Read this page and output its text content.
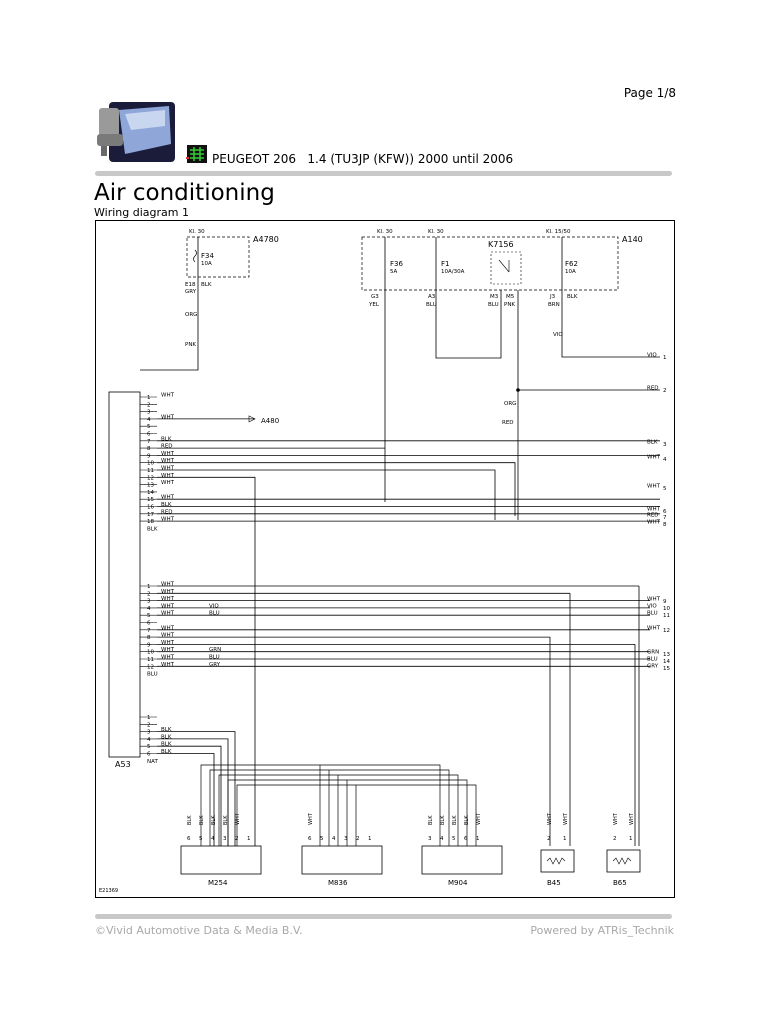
Page 1/8
PEUGEOT 206   1.4 (TU3JP (KFW)) 2000 until 2006
Air conditioning
Wiring diagram 1
A4780
Kl. 30
F34
10A
E18 BLK
GRY
ORG
PNK
A140
K7156
Kl. 30
F36
5A
G3
YEL
Kl. 30
F1
10A/30A
A3
BLU
Kl. 15/50
F62
10A
J3 BLK
BRN
M3
BLU
M5
PNK
A53
A480
VIO
RED
ORG
E21369
1 WHT
2
3
4 WHT
5
6
7 BLK
8 RED
9 WHT
10 WHT
11 WHT
12 WHT
13 WHT
14
15 WHT
16 BLK
17 RED
18 WHT
BLK
1 WHT
2 WHT
3 WHT
4 WHT
5 WHT
6
7 WHT
8 WHT
9 WHT
10 WHT
11 WHT
12 WHT
BLU
VIO
BLU
GRN
BLU
GRY
1
VIO
2
RED
3
BLK
4
WHT
5
WHT
6
WHT
7
RED
8
WHT
9
WHT
10
VIO
11
BLU
12
WHT
13
GRN
14
BLU
15
GRY
1
2
3 BLK
4 BLK
5 BLK
6 BLK
NAT
6 5 4 3 2 1
BLK BLK BLK BLK WHT
6 5 4 3 2 1
WHT
3 4 5 6 1
BLK BLK BLK BLK WHT
2 1
WHT WHT
2 1
WHT WHT
M254	M836	M904	B45	B65
©Vivid Automotive Data & Media B.V.	Powered by ATRis_Technik
